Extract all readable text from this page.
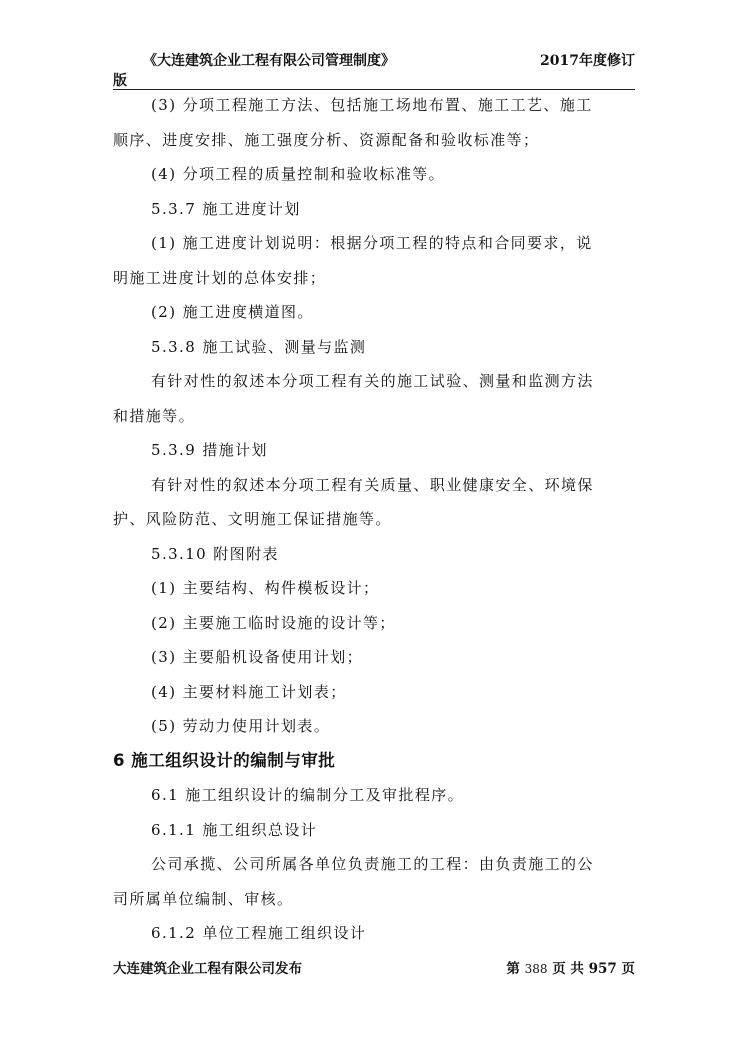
《大连建筑企业工程有限公司管理制度》	2017年度修订
版
(3) 分项工程施工方法、包括施工场地布置、施工工艺、施工
顺序、进度安排、施工强度分析、资源配备和验收标准等；
(4) 分项工程的质量控制和验收标准等。
5.3.7 施工进度计划
(1) 施工进度计划说明：根据分项工程的特点和合同要求，说
明施工进度计划的总体安排；
(2) 施工进度横道图。
5.3.8 施工试验、测量与监测
有针对性的叙述本分项工程有关的施工试验、测量和监测方法
和措施等。
5.3.9 措施计划
有针对性的叙述本分项工程有关质量、职业健康安全、环境保
护、风险防范、文明施工保证措施等。
5.3.10 附图附表
(1) 主要结构、构件模板设计；
(2) 主要施工临时设施的设计等；
(3) 主要船机设备使用计划；
(4) 主要材料施工计划表；
(5) 劳动力使用计划表。
6 施工组织设计的编制与审批
6.1 施工组织设计的编制分工及审批程序。
6.1.1 施工组织总设计
公司承揽、公司所属各单位负责施工的工程：由负责施工的公
司所属单位编制、审核。
6.1.2 单位工程施工组织设计
大连建筑企业工程有限公司发布	第 388 页 共 957 页
